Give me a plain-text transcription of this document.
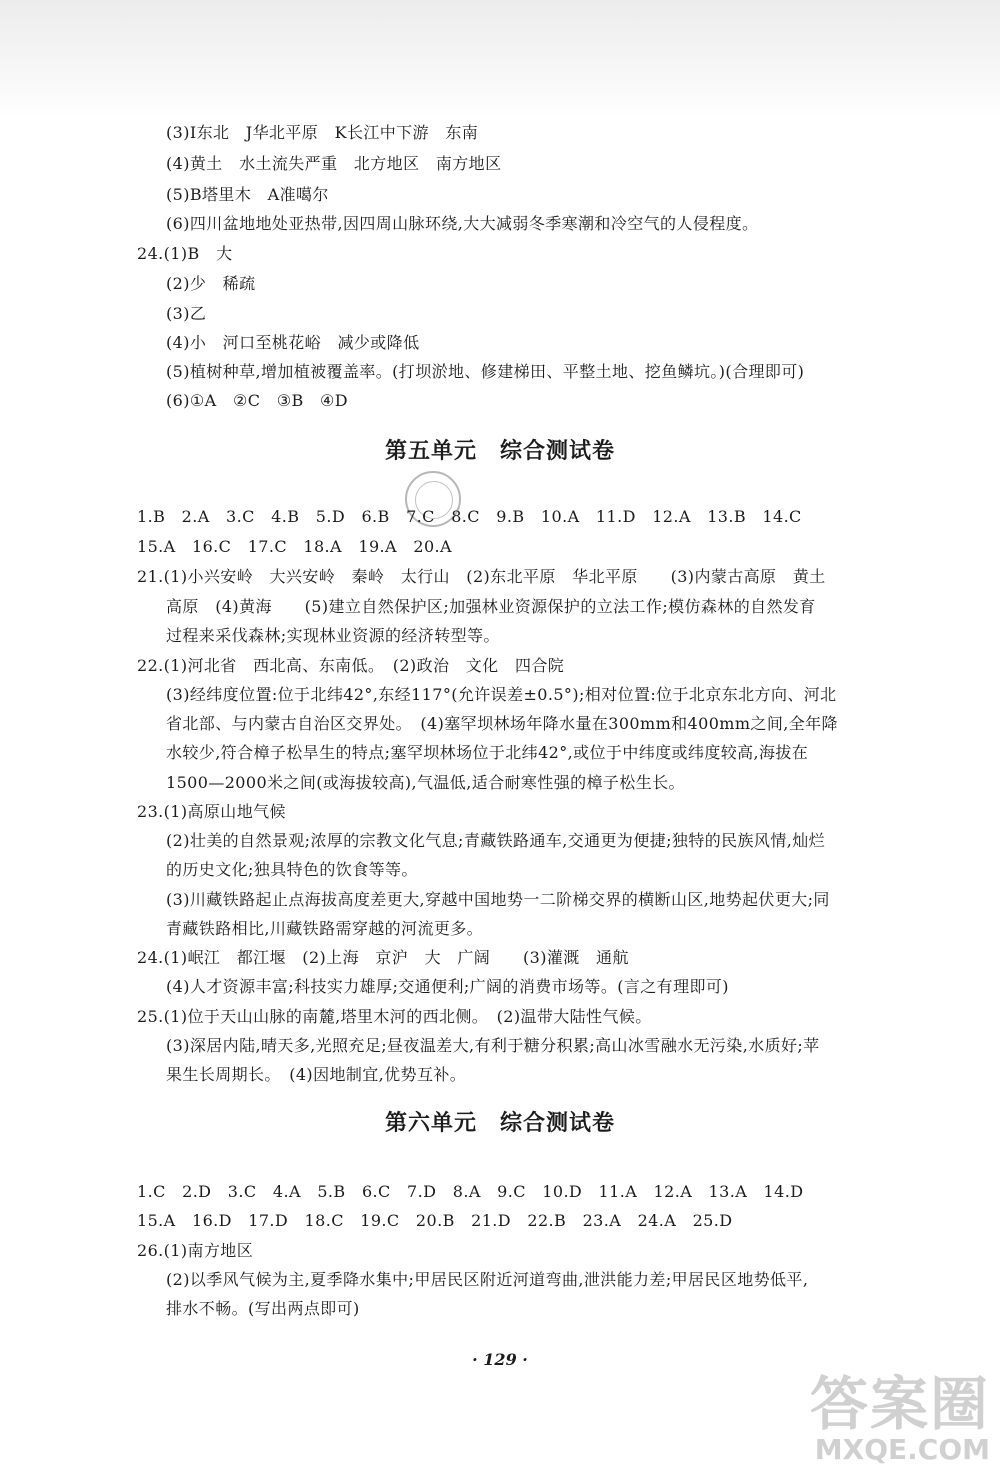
(3)I东北　J华北平原　K长江中下游　东南
(4)黄土　水土流失严重　北方地区　南方地区
(5)B塔里木　A准噶尔
(6)四川盆地地处亚热带,因四周山脉环绕,大大减弱冬季寒潮和冷空气的人侵程度。
24.(1)B　大
(2)少　稀疏
(3)乙
(4)小　河口至桃花峪　减少或降低
(5)植树种草,增加植被覆盖率。(打坝淤地、修建梯田、平整土地、挖鱼鳞坑。)(合理即可)
(6)①A　②C　③B　④D
第五单元　综合测试卷
1.B　2.A　3.C　4.B　5.D　6.B　7.C　8.C　9.B　10.A　11.D　12.A　13.B　14.C
15.A　16.C　17.C　18.A　19.A　20.A
21.(1)小兴安岭　大兴安岭　秦岭　太行山　(2)东北平原　华北平原　　(3)内蒙古高原　黄土
高原　(4)黄海　　(5)建立自然保护区;加强林业资源保护的立法工作;模仿森林的自然发育
过程来采伐森林;实现林业资源的经济转型等。
22.(1)河北省　西北高、东南低。　(2)政治　文化　四合院
(3)经纬度位置:位于北纬42°,东经117°(允许误差±0.5°);相对位置:位于北京东北方向、河北
省北部、与内蒙古自治区交界处。　(4)塞罕坝林场年降水量在300mm和400mm之间,全年降
水较少,符合樟子松旱生的特点;塞罕坝林场位于北纬42°,或位于中纬度或纬度较高,海拔在
1500—2000米之间(或海拔较高),气温低,适合耐寒性强的樟子松生长。
23.(1)高原山地气候
(2)壮美的自然景观;浓厚的宗教文化气息;青藏铁路通车,交通更为便捷;独特的民族风情,灿烂
的历史文化;独具特色的饮食等等。
(3)川藏铁路起止点海拔高度差更大,穿越中国地势一二阶梯交界的横断山区,地势起伏更大;同
青藏铁路相比,川藏铁路需穿越的河流更多。
24.(1)岷江　都江堰　(2)上海　京沪　大　广阔　　(3)灌溉　通航
(4)人才资源丰富;科技实力雄厚;交通便利;广阔的消费市场等。(言之有理即可)
25.(1)位于天山山脉的南麓,塔里木河的西北侧。　(2)温带大陆性气候。
(3)深居内陆,晴天多,光照充足;昼夜温差大,有利于糖分积累;高山冰雪融水无污染,水质好;苹
果生长周期长。　(4)因地制宜,优势互补。
第六单元　综合测试卷
1.C　2.D　3.C　4.A　5.B　6.C　7.D　8.A　9.C　10.D　11.A　12.A　13.A　14.D
15.A　16.D　17.D　18.C　19.C　20.B　21.D　22.B　23.A　24.A　25.D
26.(1)南方地区
(2)以季风气候为主,夏季降水集中;甲居民区附近河道弯曲,泄洪能力差;甲居民区地势低平,
排水不畅。(写出两点即可)
· 129 ·
答案圈
MXQE.COM
